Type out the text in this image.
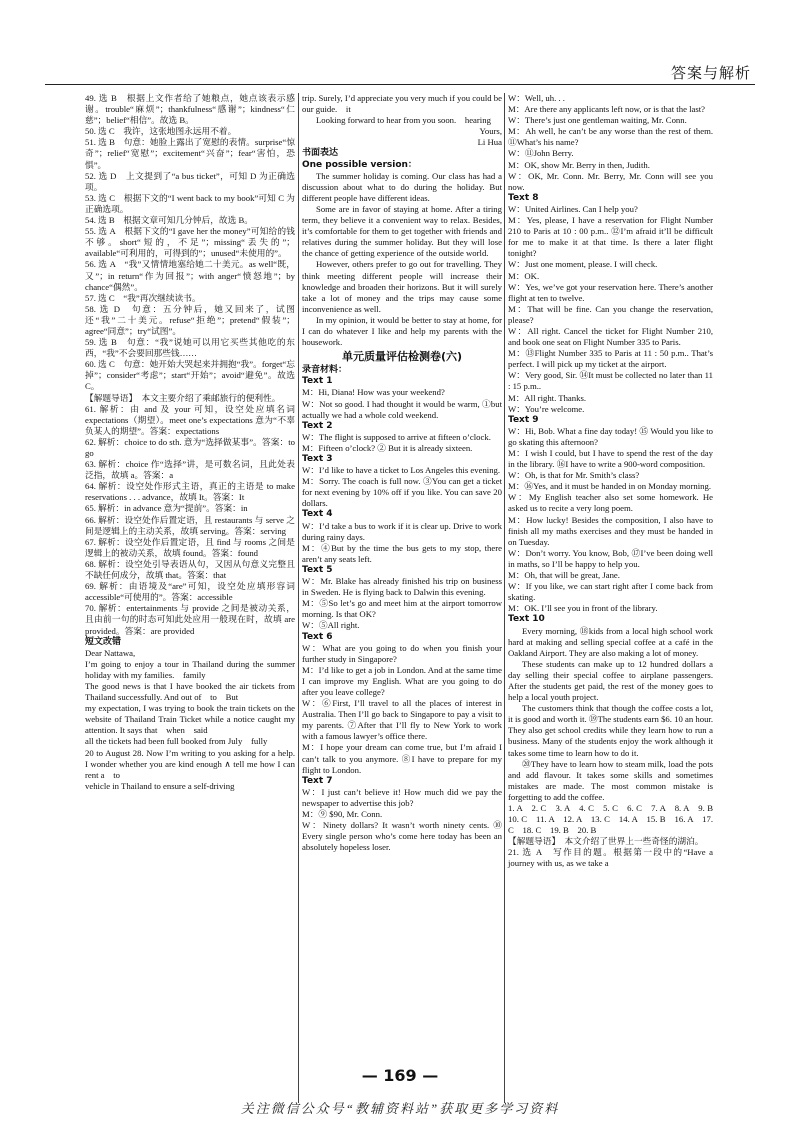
答案与解析

49. 选 B　根据上文作者给了她粮点，她点该表示感谢。trouble“麻烦”；thankfulness“感谢”；kindness“仁慈”；belief“相信”。故选 B。

50. 选 C　我许，这张地图永远用不着。

51. 选 B　句意：她脸上露出了宽慰的表情。surprise“惊奇”；relief“宽慰”；excitement“兴奋”；fear“害怕，恐惧”。

52. 选 D　上文提到了“a bus ticket”，可知 D 为正确选项。

53. 选 C　根据下文的“I went back to my book”可知 C 为正确选项。

54. 选 B　根据文章可知几分钟后，故选 B。

55. 选 A　根据下文的“I gave her the money”可知给的钱不够。short“短的，不足”；missing“丢失的”；available“可利用的，可得到的”；unused“未使用的”。

56. 选 A　“我”又情情地塞给她二十美元。as well“既，又”；in return“作为回报”；with anger“愤怒地”；by chance“偶然”。

57. 选 C　“我”再次继续读书。

58. 选 D　句意：五分钟后，她又回来了，试图还“我”二十美元。refuse“拒绝”；pretend“假装”；agree“同意”；try“试图”。

59. 选 B　句意：“我”说她可以用它买些其他吃的东西，“我”不会要回那些钱……

60. 选 C　句意：她开始大哭起来并拥抱“我”。forget“忘掉”；consider“考虑”；start“开始”；avoid“避免”。故选 C。

【解题导语】　本文主要介绍了乘邮旅行的便利性。

61. 解析：由 and 及 your 可知，设空处应填名词 expectations（期望）。meet one’s expectations 意为“不辜负某人的期望”。答案：expectations

62. 解析：choice to do sth. 意为“选择做某事”。答案：to go

63. 解析：choice 作“选择”讲，是可数名词，且此处表泛指，故填 a。答案：a

64. 解析：设空处作形式主语，真正的主语是 to make reservations . . . advance，故填 It。答案：It

65. 解析：in advance 意为“提前”。答案：in

66. 解析：设空处作后置定语，且 restaurants 与 serve 之间是逻辑上的主动关系，故填 serving。答案：serving

67. 解析：设空处作后置定语，且 find 与 rooms 之间是逻辑上的被动关系，故填 found。答案：found

68. 解析：设空处引导表语从句，又因从句意义完整且不缺任何成分，故填 that。答案：that

69. 解析：由语境及“are”可知，设空处应填形容词 accessible“可使用的”。答案：accessible

70. 解析：entertainments 与 provide 之间是被动关系，且由前一句的时态可知此处应用一般现在时，故填 are provided。答案：are provided

短文改错

Dear Nattawa,

I’m going to enjoy a tour in Thailand during the summer holiday with my families.　family

The good news is that I have booked the air tickets from Thailand successfully. And out of　to　But

my expectation, I was trying to book the train tickets on the website of Thailand Train Ticket while a notice caught my attention. It says that　when　said

all the tickets had been full booked from July　fully

20 to August 28. Now I’m writing to you asking for a help. I wonder whether you are kind enough ∧ tell me how I can rent a　to

vehicle in Thailand to ensure a self-driving

trip. Surely, I’d appreciate you very much if you could be our guide.　it

Looking forward to hear from you soon.　hearing

Yours,

Li Hua

书面表达

One possible version：

The summer holiday is coming. Our class has had a discussion about what to do during the holiday. But different people have different ideas.

Some are in favor of staying at home. After a tiring term, they believe it a convenient way to relax. Besides, it’s comfortable for them to get together with friends and relatives during the summer holiday. But they will lose the chance of getting experience of the outside world.

However, others prefer to go out for travelling. They think meeting different people will increase their knowledge and broaden their horizons. But it will surely take a lot of money and the trips may cause some inconvenience as well.

In my opinion, it would be better to stay at home, for I can do whatever I like and help my parents with the housework.

单元质量评估检测卷(六)

录音材料：

Text 1

M：Hi, Diana! How was your weekend?

W：Not so good. I had thought it would be warm, ①but actually we had a whole cold weekend.

Text 2

W：The flight is supposed to arrive at fifteen o’clock.

M：Fifteen o’clock? ② But it is already sixteen.

Text 3

W：I’d like to have a ticket to Los Angeles this evening.

M：Sorry. The coach is full now. ③You can get a ticket for next evening by 10% off if you like. You can save 20 dollars.

Text 4

W：I’d take a bus to work if it is clear up. Drive to work during rainy days.

M：④But by the time the bus gets to my stop, there aren’t any seats left.

Text 5

W：Mr. Blake has already finished his trip on business in Sweden. He is flying back to Dalwin this evening.

M：⑤So let’s go and meet him at the airport tomorrow morning. Is that OK?

W：⑤All right.

Text 6

W：What are you going to do when you finish your further study in Singapore?

M：I’d like to get a job in London. And at the same time I can improve my English. What are you going to do after you leave college?

W：⑥First, I’ll travel to all the places of interest in Australia. Then I’ll go back to Singapore to pay a visit to my parents. ⑦After that I’ll fly to New York to work with a famous lawyer’s office there.

M：I hope your dream can come true, but I’m afraid I can’t talk to you anymore. ⑧I have to prepare for my flight to London.

Text 7

W：I just can’t believe it! How much did we pay the newspaper to advertise this job?

M：⑨ $90, Mr. Conn.

W：Ninety dollars? It wasn’t worth ninety cents. ⑩ Every single person who’s come here today has been an absolutely hopeless loser.

W：Well, uh. . .

M：Are there any applicants left now, or is that the last?

W：There’s just one gentleman waiting, Mr. Conn.

M：Ah well, he can’t be any worse than the rest of them. ⑪What’s his name?

W：⑪John Berry.

M：OK, show Mr. Berry in then, Judith.

W：OK, Mr. Conn. Mr. Berry, Mr. Conn will see you now.

Text 8

W：United Airlines. Can I help you?

M：Yes, please, I have a reservation for Flight Number 210 to Paris at 10 : 00 p.m.. ⑫I’m afraid it’ll be difficult for me to make it at that time. Is there a later flight tonight?

W：Just one moment, please. I will check.

M：OK.

W：Yes, we’ve got your reservation here. There’s another flight at ten to twelve.

M：That will be fine. Can you change the reservation, please?

W：All right. Cancel the ticket for Flight Number 210, and book one seat on Flight Number 335 to Paris.

M：⑬Flight Number 335 to Paris at 11 : 50 p.m.. That’s perfect. I will pick up my ticket at the airport.

W：Very good, Sir. ⑭It must be collected no later than 11 : 15 p.m..

M：All right. Thanks.

W：You’re welcome.

Text 9

W：Hi, Bob. What a fine day today! ⑮ Would you like to go skating this afternoon?

M：I wish I could, but I have to spend the rest of the day in the library. ⑯I have to write a 900-word composition.

W：Oh, is that for Mr. Smith’s class?

M：⑯Yes, and it must be handed in on Monday morning.

W：My English teacher also set some homework. He asked us to recite a very long poem.

M：How lucky! Besides the composition, I also have to finish all my maths exercises and they must be handed in on Tuesday.

W：Don’t worry. You know, Bob, ⑰I’ve been doing well in maths, so I’ll be happy to help you.

M：Oh, that will be great, Jane.

W：If you like, we can start right after I come back from skating.

M：OK. I’ll see you in front of the library.

Text 10

Every morning, ⑱kids from a local high school work hard at making and selling special coffee at a café in the Oakland Airport. They are also making a lot of money.

These students can make up to 12 hundred dollars a day selling their special coffee to airplane passengers. After the students get paid, the rest of the money goes to help a local youth project.

The customers think that though the coffee costs a lot, it is good and worth it. ⑲The students earn $6. 10 an hour. They also get school credits while they learn how to run a business. Many of the students enjoy the work although it takes some time to learn how to do it.

⑳They have to learn how to steam milk, load the pots and add flavour. It takes some skills and sometimes mistakes are made. The most common mistake is forgetting to add the coffee.

1. A　2. C　3. A　4. C　5. C　6. C　7. A　8. A　9. B　10. C　11. A　12. A　13. C　14. A　15. B　16. A　17. C　18. C　19. B　20. B

【解题导语】　本文介绍了世界上一些奇怪的湖泊。

21. 选 A　写作目的题。根据第一段中的“Have a journey with us, as we take a

— 169 —
关注微信公众号“教辅资料站”获取更多学习资料
